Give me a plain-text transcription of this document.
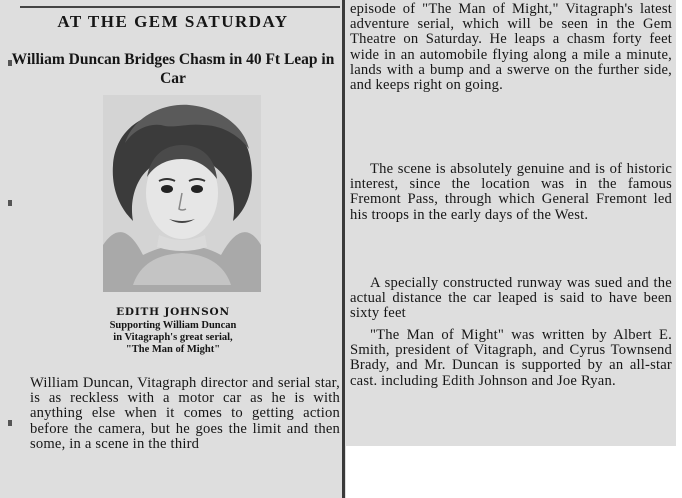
AT THE GEM SATURDAY
William Duncan Bridges Chasm in 40 Ft Leap in Car
EDITH JOHNSON
Supporting William Duncan
in Vitagraph's great serial,
"The Man of Might"

William Duncan, Vitagraph director and serial star, is as reckless with a motor car as he is with anything else when it comes to getting action before the camera, but he goes the limit and then some, in a scene in the third

episode of "The Man of Might," Vitagraph's latest adventure serial, which will be seen in the Gem Theatre on Saturday. He leaps a chasm forty feet wide in an automobile flying along a mile a minute, lands with a bump and a swerve on the further side, and keeps right on going.

The scene is absolutely genuine and is of historic interest, since the location was in the famous Fremont Pass, through which General Fremont led his troops in the early days of the West.

A specially constructed runway was sued and the actual distance the car leaped is said to have been sixty feet

"The Man of Might" was written by Albert E. Smith, president of Vitagraph, and Cyrus Townsend Brady, and Mr. Duncan is supported by an all-star cast. including Edith Johnson and Joe Ryan.
